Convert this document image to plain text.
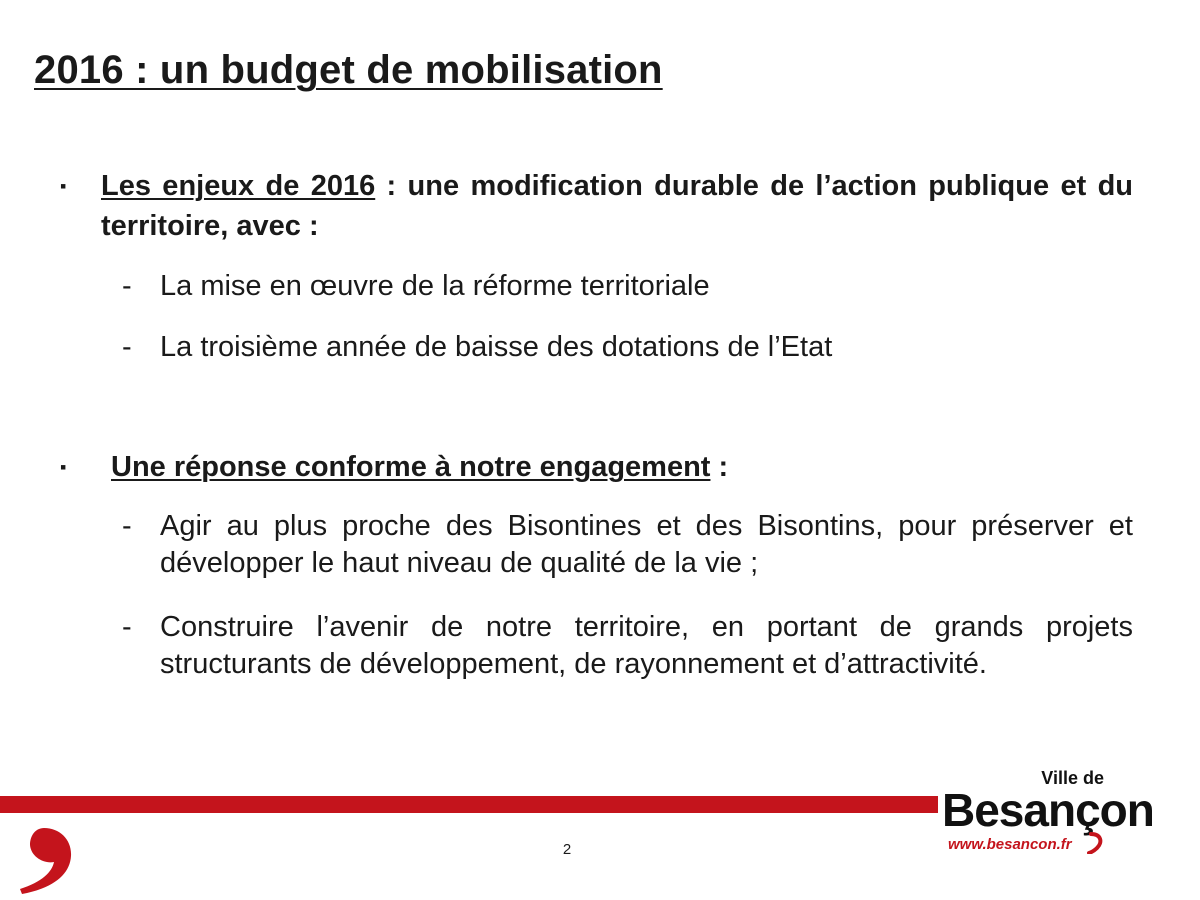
2016 : un budget de mobilisation
▪	Les enjeux de 2016 : une modification durable de l’action publique et du territoire, avec :
- La mise en œuvre de la réforme territoriale
- La troisième année de baisse des dotations de l’Etat
▪	Une réponse conforme à notre engagement :
- Agir au plus proche des Bisontines et des Bisontins, pour préserver et développer le haut niveau de qualité de la vie ;
- Construire l’avenir de notre territoire, en portant de grands projets structurants de développement, de rayonnement et d’attractivité.
2
Ville de
Besançon
www.besancon.fr
